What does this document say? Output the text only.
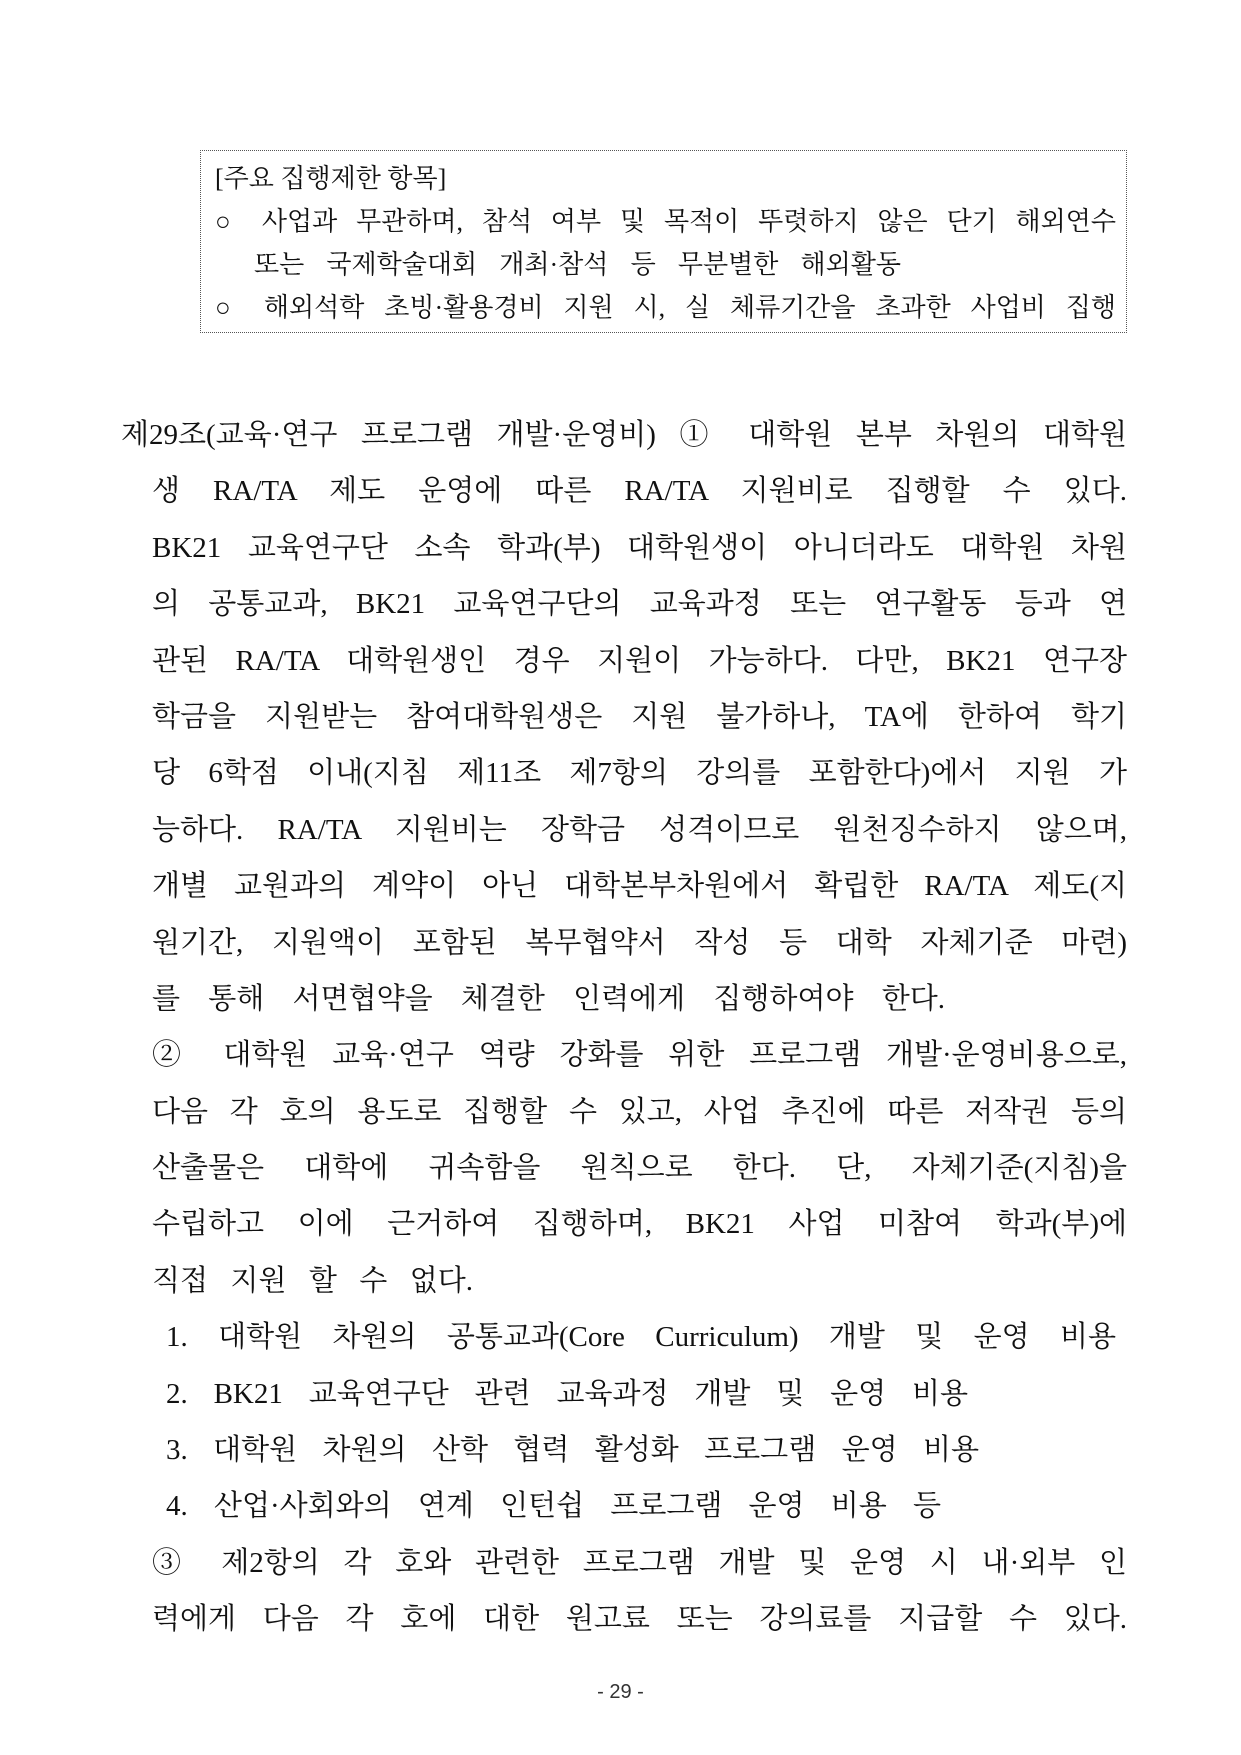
[주요 집행제한 항목]
○ 사업과 무관하며, 참석 여부 및 목적이 뚜렷하지 않은 단기 해외연수
또는 국제학술대회 개최·참석 등 무분별한 해외활동
○ 해외석학 초빙·활용경비 지원 시, 실 체류기간을 초과한 사업비 집행
제29조(교육·연구 프로그램 개발·운영비) ① 대학원 본부 차원의 대학원
생 RA/TA 제도 운영에 따른 RA/TA 지원비로 집행할 수 있다.
BK21 교육연구단 소속 학과(부) 대학원생이 아니더라도 대학원 차원
의 공통교과, BK21 교육연구단의 교육과정 또는 연구활동 등과 연
관된 RA/TA 대학원생인 경우 지원이 가능하다. 다만, BK21 연구장
학금을 지원받는 참여대학원생은 지원 불가하나, TA에 한하여 학기
당 6학점 이내(지침 제11조 제7항의 강의를 포함한다)에서 지원 가
능하다. RA/TA 지원비는 장학금 성격이므로 원천징수하지 않으며,
개별 교원과의 계약이 아닌 대학본부차원에서 확립한 RA/TA 제도(지
원기간, 지원액이 포함된 복무협약서 작성 등 대학 자체기준 마련)
를 통해 서면협약을 체결한 인력에게 집행하여야 한다.
② 대학원 교육·연구 역량 강화를 위한 프로그램 개발·운영비용으로,
다음 각 호의 용도로 집행할 수 있고, 사업 추진에 따른 저작권 등의
산출물은 대학에 귀속함을 원칙으로 한다. 단, 자체기준(지침)을
수립하고 이에 근거하여 집행하며, BK21 사업 미참여 학과(부)에
직접 지원 할 수 없다.
1. 대학원 차원의 공통교과(Core Curriculum) 개발 및 운영 비용
2. BK21 교육연구단 관련 교육과정 개발 및 운영 비용
3. 대학원 차원의 산학 협력 활성화 프로그램 운영 비용
4. 산업·사회와의 연계 인턴쉽 프로그램 운영 비용 등
③ 제2항의 각 호와 관련한 프로그램 개발 및 운영 시 내·외부 인
력에게 다음 각 호에 대한 원고료 또는 강의료를 지급할 수 있다.
- 29 -
